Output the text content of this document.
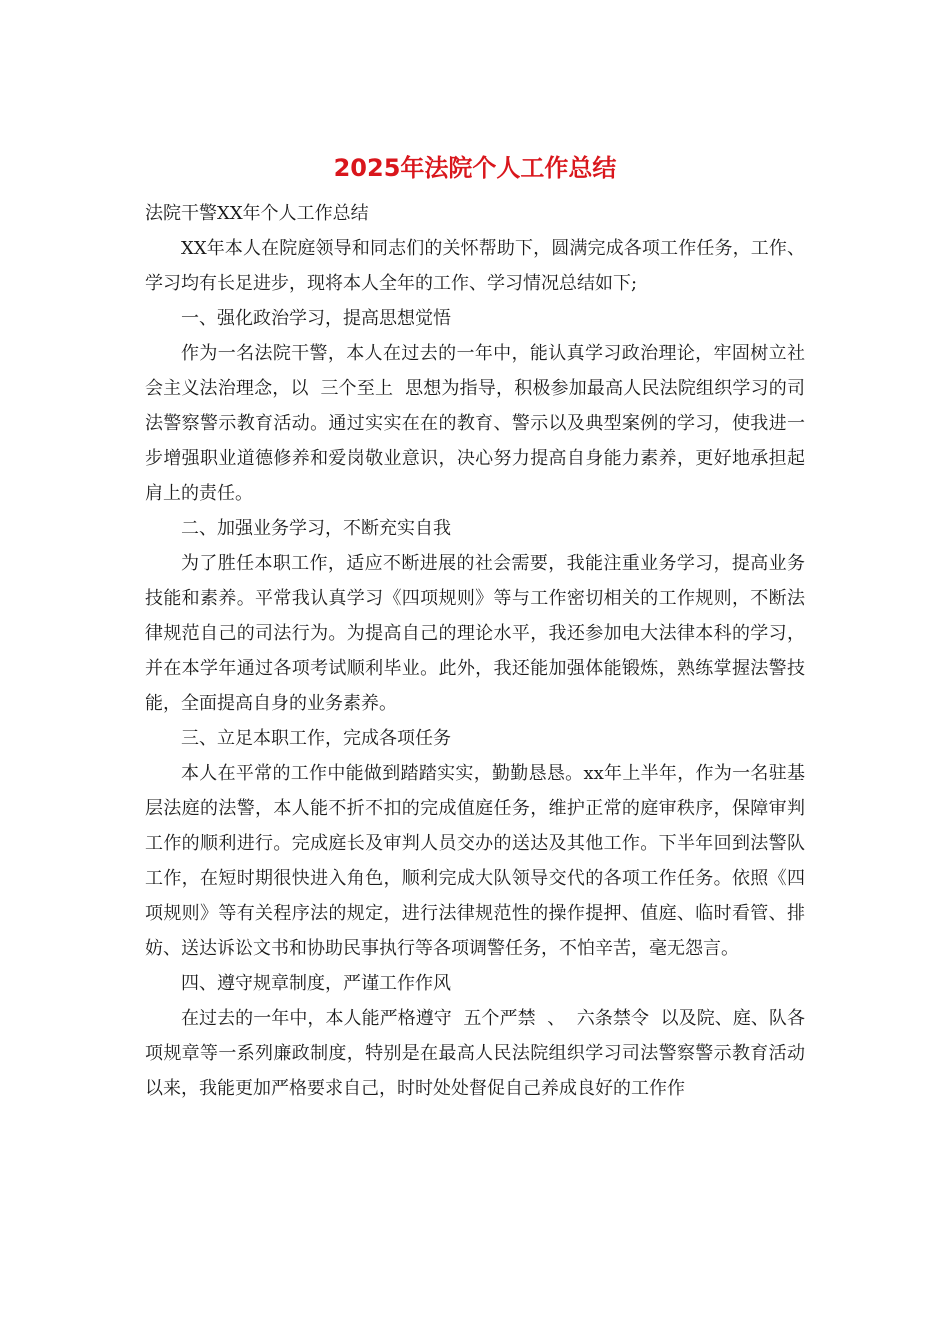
2025年法院个人工作总结

法院干警XX年个人工作总结

XX年本人在院庭领导和同志们的关怀帮助下，圆满完成各项工作任务，工作、学习均有长足进步，现将本人全年的工作、学习情况总结如下;

一、强化政治学习，提高思想觉悟

作为一名法院干警，本人在过去的一年中，能认真学习政治理论，牢固树立社会主义法治理念，以  三个至上  思想为指导，积极参加最高人民法院组织学习的司法警察警示教育活动。通过实实在在的教育、警示以及典型案例的学习，使我进一步增强职业道德修养和爱岗敬业意识，决心努力提高自身能力素养，更好地承担起肩上的责任。

二、加强业务学习，不断充实自我

为了胜任本职工作，适应不断进展的社会需要，我能注重业务学习，提高业务技能和素养。平常我认真学习《四项规则》等与工作密切相关的工作规则，不断法律规范自己的司法行为。为提高自己的理论水平，我还参加电大法律本科的学习，并在本学年通过各项考试顺利毕业。此外，我还能加强体能锻炼，熟练掌握法警技能，全面提高自身的业务素养。

三、立足本职工作，完成各项任务

本人在平常的工作中能做到踏踏实实，勤勤恳恳。xx年上半年，作为一名驻基层法庭的法警，本人能不折不扣的完成值庭任务，维护正常的庭审秩序，保障审判工作的顺利进行。完成庭长及审判人员交办的送达及其他工作。下半年回到法警队工作，在短时期很快进入角色，顺利完成大队领导交代的各项工作任务。依照《四项规则》等有关程序法的规定，进行法律规范性的操作提押、值庭、临时看管、排妨、送达诉讼文书和协助民事执行等各项调警任务，不怕辛苦，毫无怨言。

四、遵守规章制度，严谨工作作风

在过去的一年中，本人能严格遵守  五个严禁  、  六条禁令  以及院、庭、队各项规章等一系列廉政制度，特别是在最高人民法院组织学习司法警察警示教育活动以来，我能更加严格要求自己，时时处处督促自己养成良好的工作作
